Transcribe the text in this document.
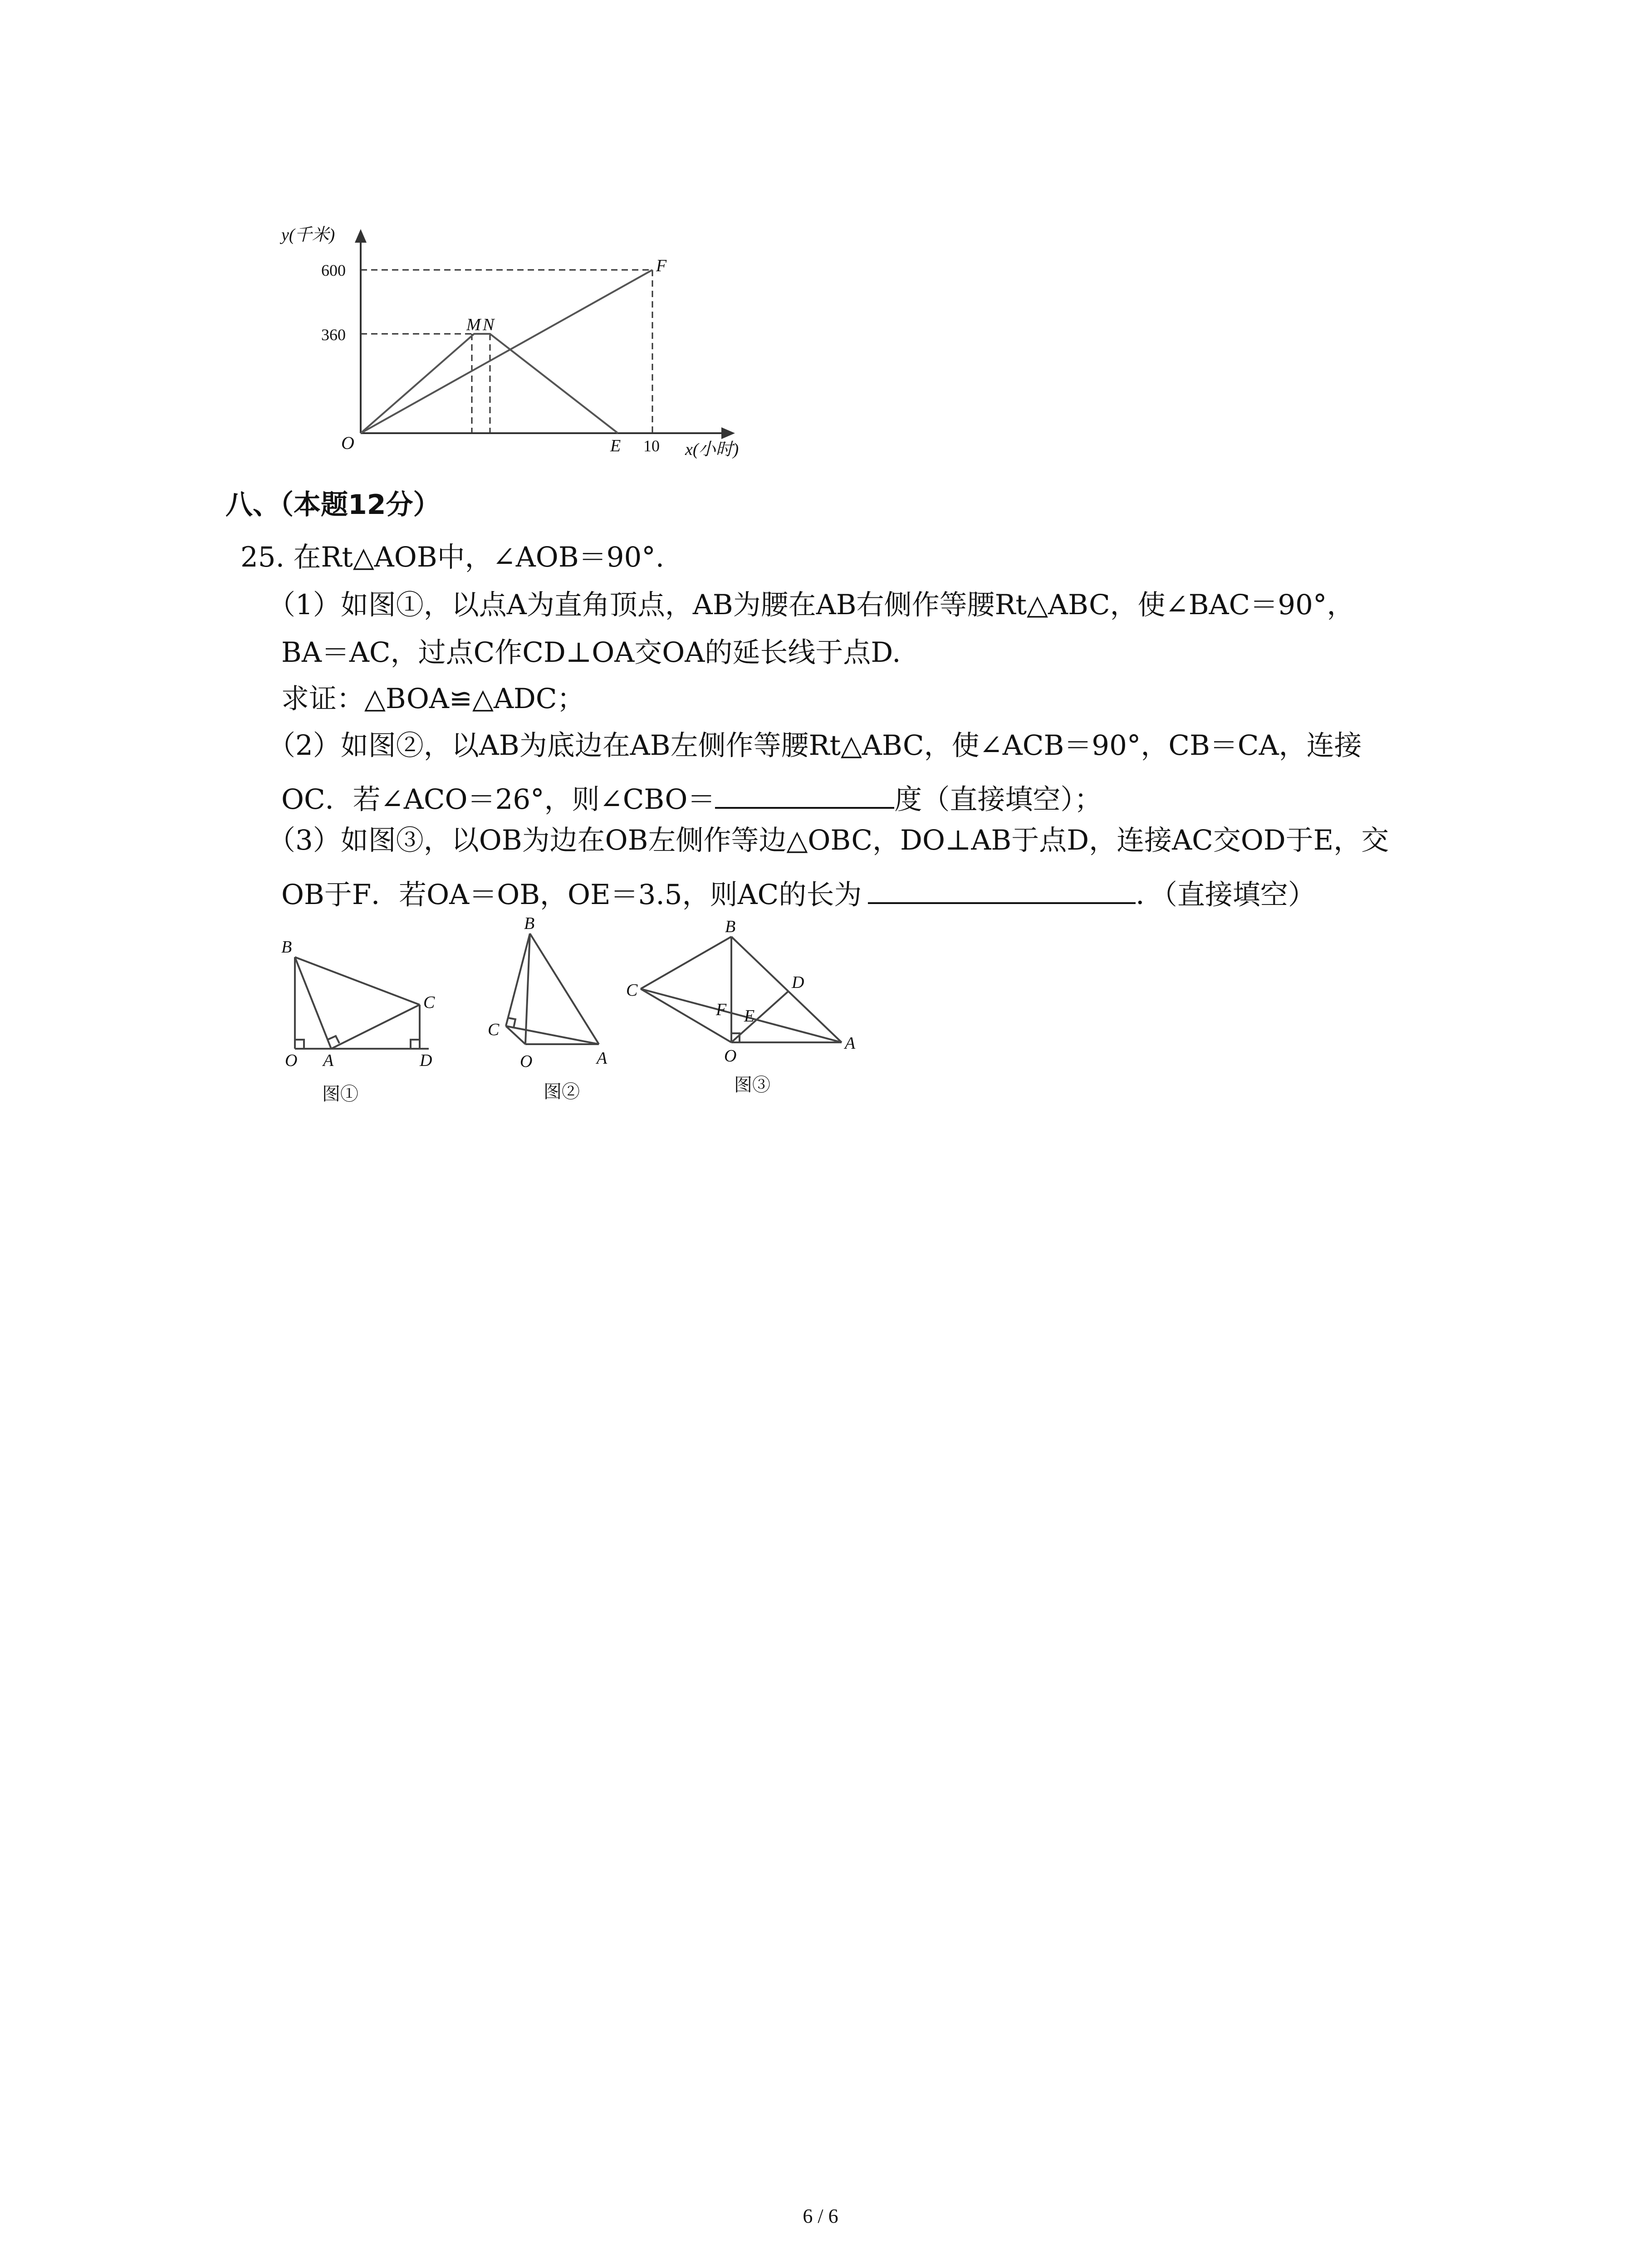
y(千米)
600
360
O
M N
F
E 10 x(小时)
八、（本题12分）
25. 在Rt△AOB中，∠AOB＝90°.
（1）如图①，以点A为直角顶点，AB为腰在AB右侧作等腰Rt△ABC，使∠BAC＝90°，
BA＝AC，过点C作CD⊥OA交OA的延长线于点D.
求证：△BOA≌△ADC；
（2）如图②，以AB为底边在AB左侧作等腰Rt△ABC，使∠ACB＝90°，CB＝CA，连接
OC．若∠ACO＝26°，则∠CBO＝	度（直接填空）；
（3）如图③，以OB为边在OB左侧作等边△OBC，DO⊥AB于点D，连接AC交OD于E，交
OB于F．若OA＝OB，OE＝3.5，则AC的长为	．（直接填空）
B
C
O A	D
图①
B
C
O	A
图②
B
C	D
F E
O
A
图③
6 / 6
